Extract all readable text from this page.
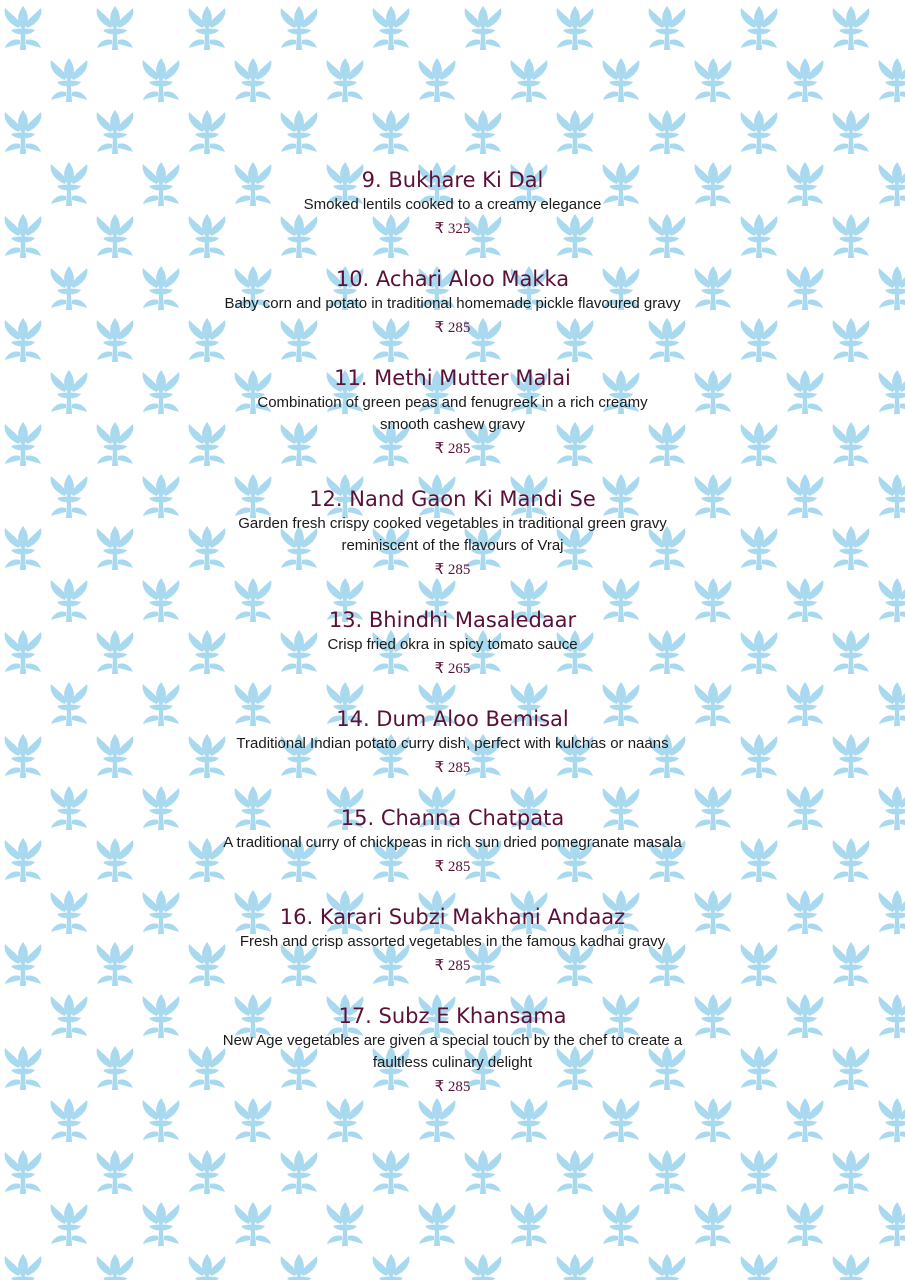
9. Bukhare Ki Dal

Smoked lentils cooked to a creamy elegance

₹ 325

10. Achari Aloo Makka

Baby corn and potato in traditional homemade pickle flavoured gravy

₹ 285

11. Methi Mutter Malai

Combination of green peas and fenugreek in a rich creamy

smooth cashew gravy

₹ 285

12. Nand Gaon Ki Mandi Se

Garden fresh crispy cooked vegetables in traditional green gravy

reminiscent of the flavours of Vraj

₹ 285

13. Bhindhi Masaledaar

Crisp fried okra in spicy tomato sauce

₹ 265

14. Dum Aloo Bemisal

Traditional Indian potato curry dish, perfect with kulchas or naans

₹ 285

15. Channa Chatpata

A traditional curry of chickpeas in rich sun dried pomegranate masala

₹ 285

16. Karari Subzi Makhani Andaaz

Fresh and crisp assorted vegetables in the famous kadhai gravy

₹ 285

17. Subz E Khansama

New Age vegetables are given a special touch by the chef to create a

faultless culinary delight

₹ 285
